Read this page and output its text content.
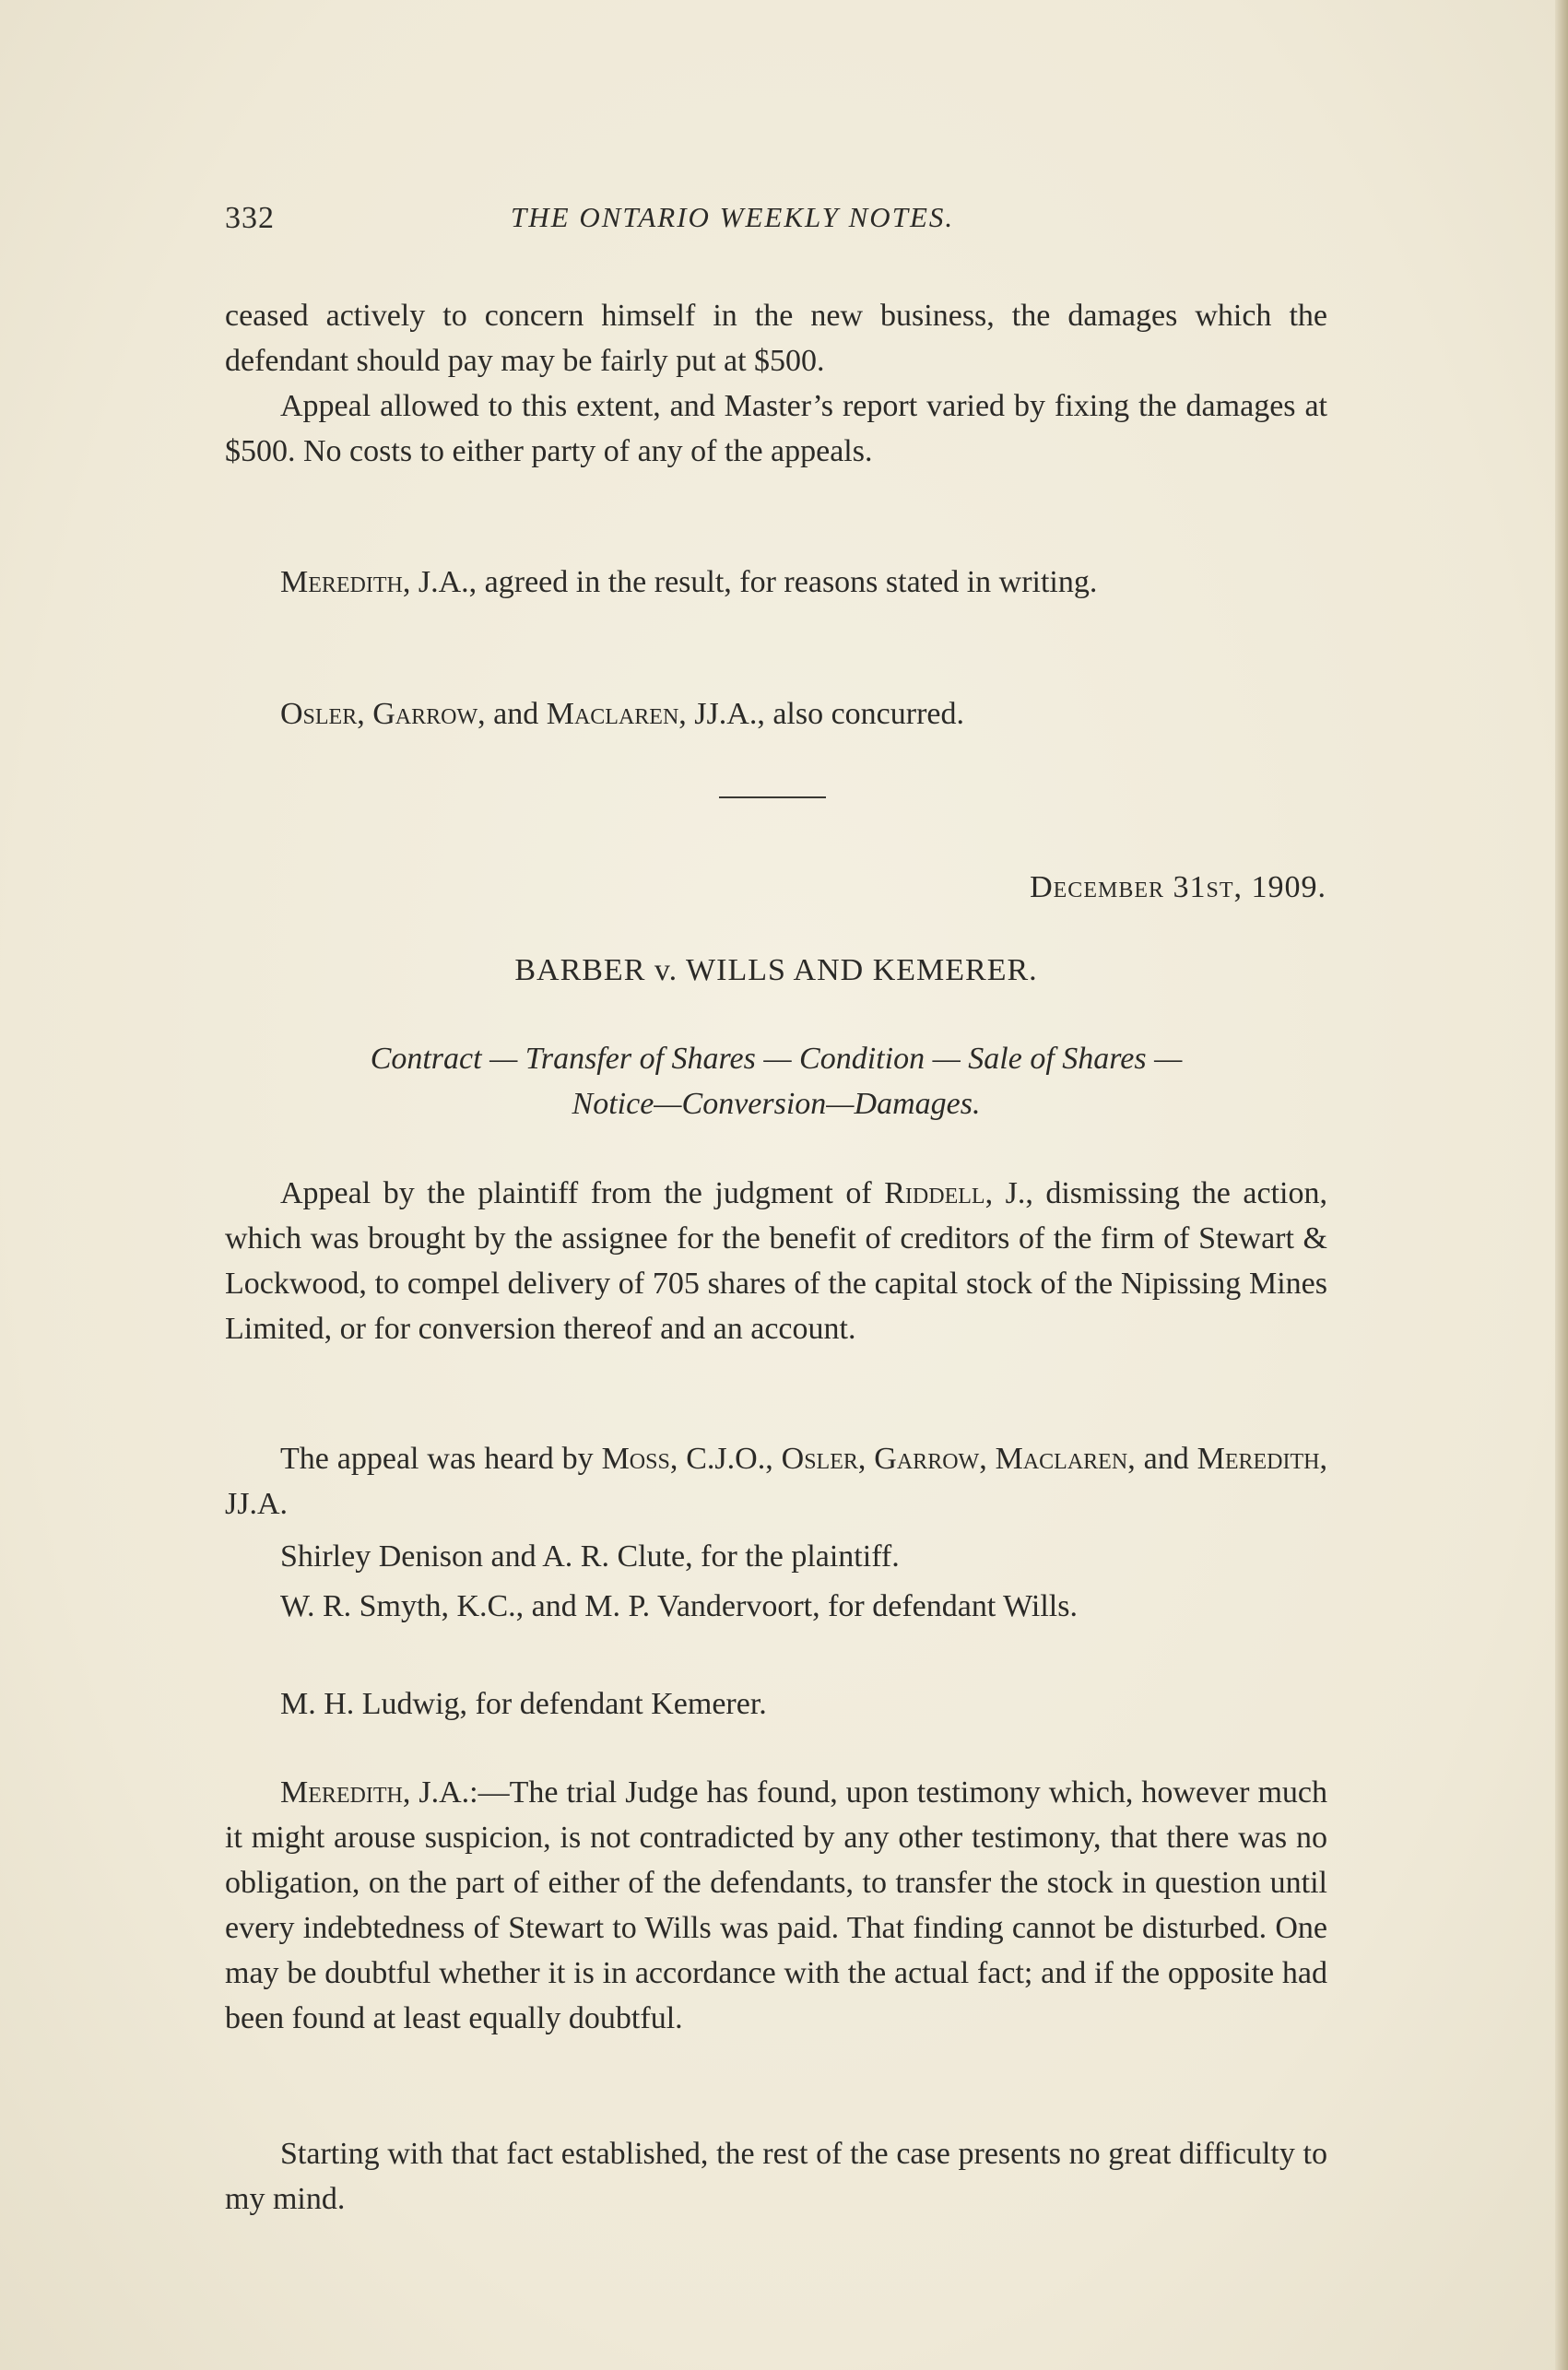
332	THE ONTARIO WEEKLY NOTES.

ceased actively to concern himself in the new business, the damages which the defendant should pay may be fairly put at $500.

Appeal allowed to this extent, and Master’s report varied by fixing the damages at $500. No costs to either party of any of the appeals.

Meredith, J.A., agreed in the result, for reasons stated in writing.

Osler, Garrow, and Maclaren, JJ.A., also concurred.

December 31st, 1909.
BARBER v. WILLS AND KEMERER.
Contract — Transfer of Shares — Condition — Sale of Shares —
Notice—Conversion—Damages.

Appeal by the plaintiff from the judgment of Riddell, J., dismissing the action, which was brought by the assignee for the benefit of creditors of the firm of Stewart & Lockwood, to compel delivery of 705 shares of the capital stock of the Nipissing Mines Limited, or for conversion thereof and an account.

The appeal was heard by Moss, C.J.O., Osler, Garrow, Maclaren, and Meredith, JJ.A.

Shirley Denison and A. R. Clute, for the plaintiff.

W. R. Smyth, K.C., and M. P. Vandervoort, for defendant Wills.

M. H. Ludwig, for defendant Kemerer.

Meredith, J.A.:—The trial Judge has found, upon testimony which, however much it might arouse suspicion, is not contradicted by any other testimony, that there was no obligation, on the part of either of the defendants, to transfer the stock in question until every indebtedness of Stewart to Wills was paid. That finding cannot be disturbed. One may be doubtful whether it is in accordance with the actual fact; and if the opposite had been found at least equally doubtful.

Starting with that fact established, the rest of the case presents no great difficulty to my mind.
